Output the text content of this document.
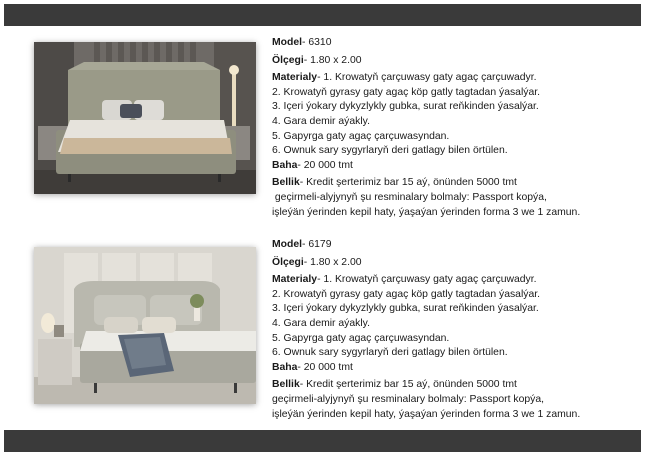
Model- 6310
Ölçegi- 1.80 x 2.00
Materialy- 1. Krowatyň çarçuwasy gaty agaç çarçuwadyr.
2. Krowatyň gyrasy gaty agaç köp gatly tagtadan ýasalýar.
3. Içeri ýokary dykyzlykly gubka, surat reňkinden ýasalýar.
4. Gara demir aýakly.
5. Gapyrga gaty agaç çarçuwasyndan.
6. Ownuk sary sygyrlaryň deri gatlagy bilen örtülen.
Baha- 20 000 tmt
Bellik- Kredit şerterimiz bar 15 aý, önünden 5000 tmt
geçirmeli-alyjynyň şu resminalary bolmaly: Passport kopýa,
işleýän ýerinden kepil haty, ýaşaýan ýerinden forma 3 we 1 zamun.
Model- 6179
Ölçegi- 1.80 x 2.00
Materialy- 1. Krowatyň çarçuwasy gaty agaç çarçuwadyr.
2. Krowatyň gyrasy gaty agaç köp gatly tagtadan ýasalýar.
3. Içeri ýokary dykyzlykly gubka, surat reňkinden ýasalýar.
4. Gara demir aýakly.
5. Gapyrga gaty agaç çarçuwasyndan.
6. Ownuk sary sygyrlaryň deri gatlagy bilen örtülen.
Baha- 20 000 tmt
Bellik- Kredit şerterimiz bar 15 aý, önünden 5000 tmt
geçirmeli-alyjynyň şu resminalary bolmaly: Passport kopýa,
işleýän ýerinden kepil haty, ýaşaýan ýerinden forma 3 we 1 zamun.
